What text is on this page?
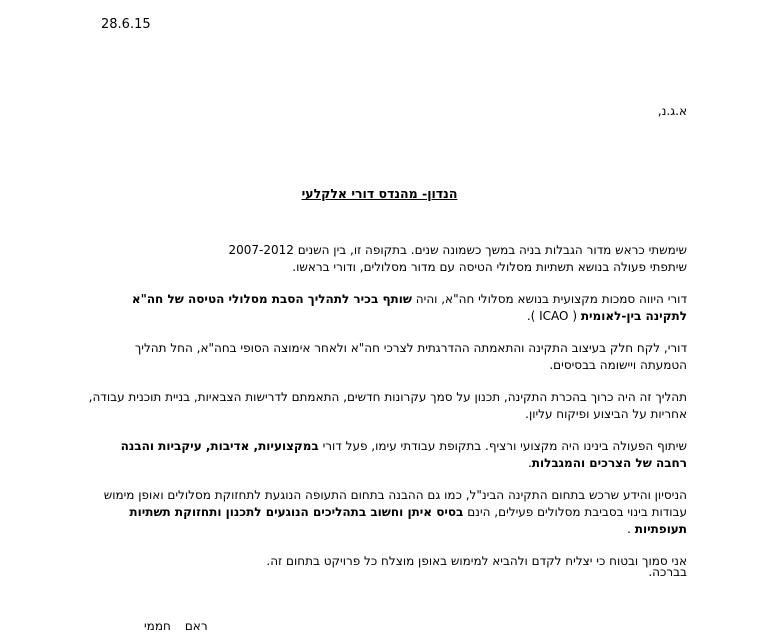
28.6.15
א.ג.נ,
הנדון- מהנדס דורי אלקלעי

שימשתי כראש מדור הגבלות בניה במשך כשמונה שנים. בתקופה זו, בין השנים 2007-2012
שיתפתי פעולה בנושא תשתיות מסלולי הטיסה עם מדור מסלולים, ודורי בראשו.

דורי היווה סמכות מקצועית בנושא מסלולי חה"א, והיה שותף בכיר לתהליך הסבת מסלולי הטיסה של חה"א לתקינה בין-לאומית ( ICAO ).

דורי, לקח חלק בעיצוב התקינה והתאמתה ההדרגתית לצרכי חה"א ולאחר אימוצה הסופי בחה"א, החל תהליך הטמעתה ויישומה בבסיסים.

תהליך זה היה כרוך בהכרת התקינה, תכנון על סמך עקרונות חדשים, התאמתם לדרישות הצבאיות, בניית תוכנית עבודה, אחריות על הביצוע ופיקוח עליון.

שיתוף הפעולה בינינו היה מקצועי ורציף. בתקופת עבודתי עימו, פעל דורי במקצועיות, אדיבות, עיקביות והבנה רחבה של הצרכים והמגבלות.

הניסיון והידע שרכש בתחום התקינה הבינ"ל, כמו גם ההבנה בתחום התעופה הנוגעת לתחזוקת מסלולים ואופן מימוש עבודות בינוי בסביבת מסלולים פעילים, הינם בסיס איתן וחשוב בתהליכים הנוגעים לתכנון ותחזוקת תשתיות תעופתיות .

אני סמוך ובטוח כי יצליח לקדם ולהביא למימוש באופן מוצלח כל פרויקט בתחום זה.

בברכה.
ראםחממי
